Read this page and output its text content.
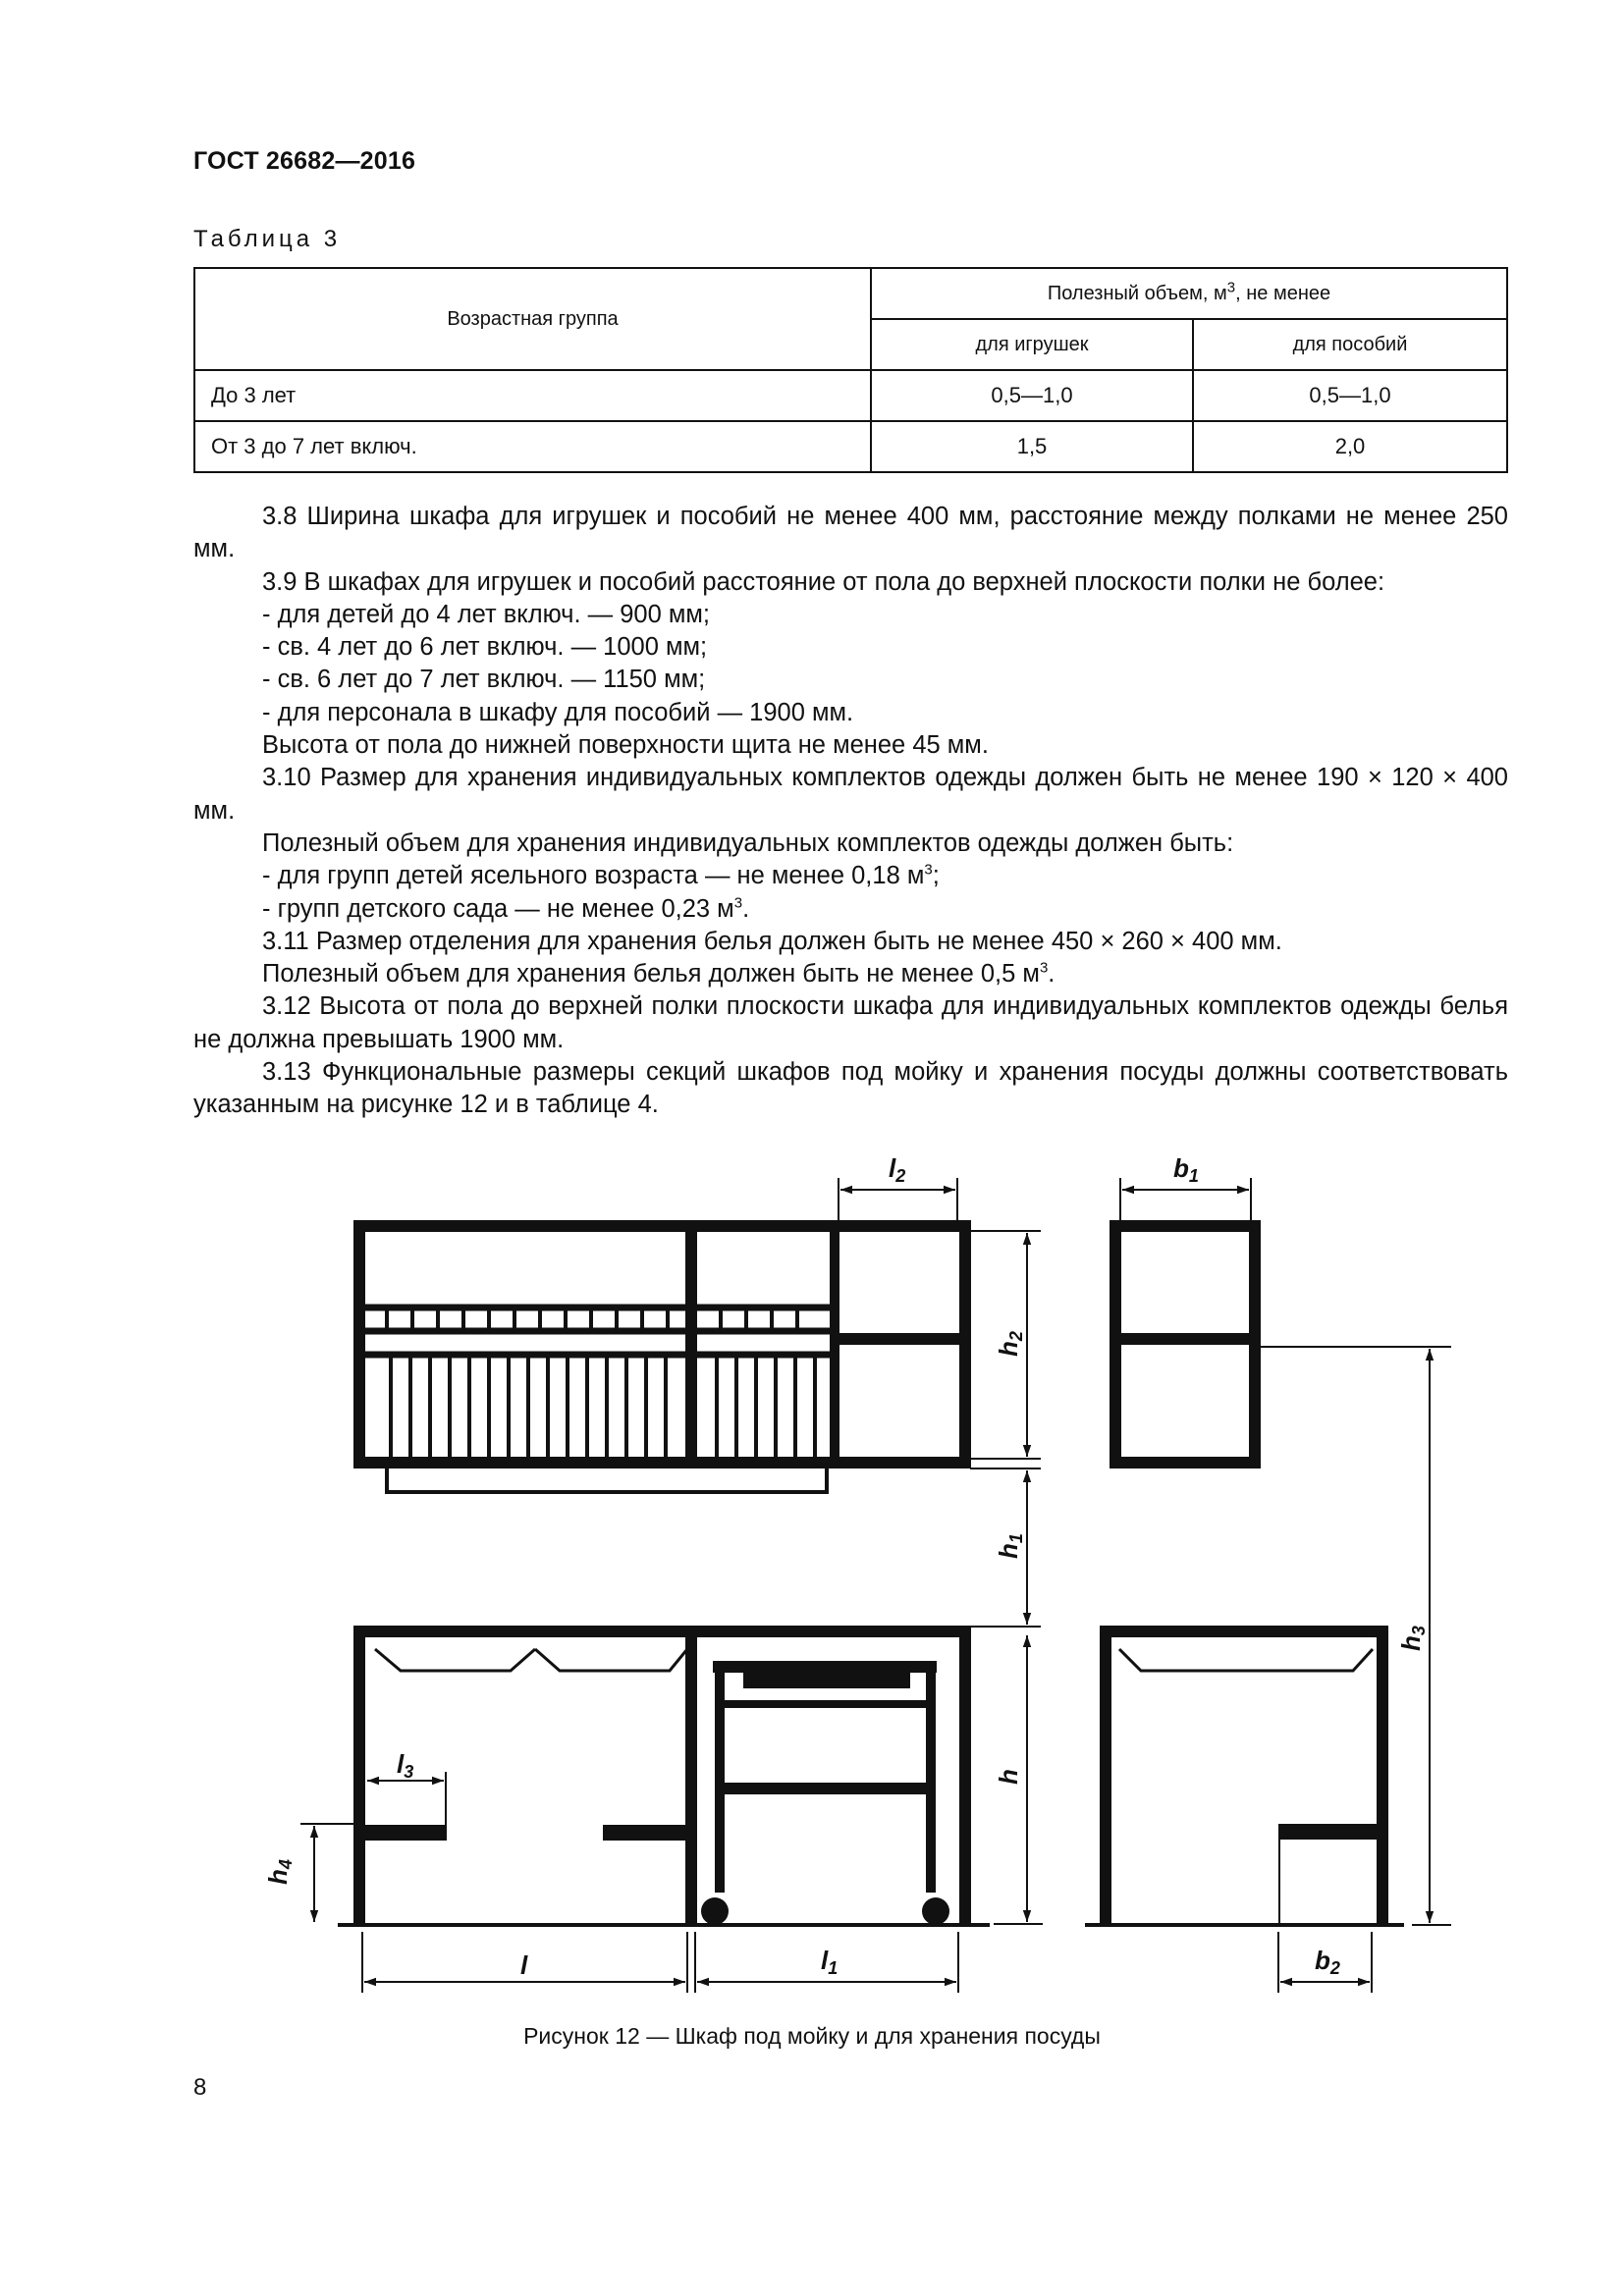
ГОСТ 26682—2016
Таблица 3
Возрастная группа	Полезный объем, $м^3$, не менее	
	для игрушек	для пособий
До 3 лет	0,5—1,0	0,5—1,0
От 3 до 7 лет включ.	1,5	2,0

3.8 Ширина шкафа для игрушек и пособий не менее 400 мм, расстояние между полками не менее 250 мм.

3.9 В шкафах для игрушек и пособий расстояние от пола до верхней плоскости полки не более:

- для детей до 4 лет включ. — 900 мм;

- св. 4 лет до 6 лет включ. — 1000 мм;

- св. 6 лет до 7 лет включ. — 1150 мм;

- для персонала в шкафу для пособий — 1900 мм.

Высота от пола до нижней поверхности щита не менее 45 мм.

3.10 Размер для хранения индивидуальных комплектов одежды должен быть не менее 190 × 120 × 400 мм.

Полезный объем для хранения индивидуальных комплектов одежды должен быть:

- для групп детей ясельного возраста — не менее 0,18 $м^3$;

- групп детского сада — не менее 0,23 $м^3$.

3.11 Размер отделения для хранения белья должен быть не менее 450 × 260 × 400 мм.

Полезный объем для хранения белья должен быть не менее 0,5 $м^3$.

3.12 Высота от пола до верхней полки плоскости шкафа для индивидуальных комплектов одежды белья не должна превышать 1900 мм.

3.13 Функциональные размеры секций шкафов под мойку и хранения посуды должны соответствовать указанным на рисунке 12 и в таблице 4.

l2	b1
h2
h1
h
h3
l3
h4
l	l1	b2
Рисунок 12 — Шкаф под мойку и для хранения посуды
8
